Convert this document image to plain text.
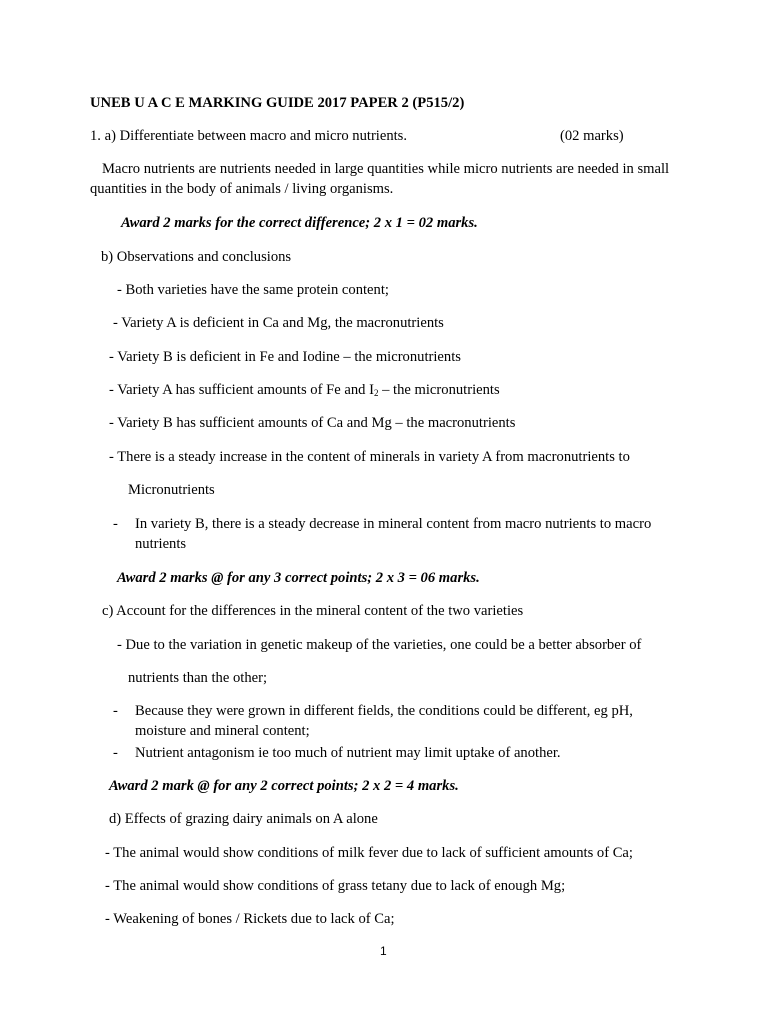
UNEB U A C E MARKING GUIDE 2017 PAPER 2 (P515/2)
1. a) Differentiate between macro and micro nutrients.	(02 marks)
Macro nutrients are nutrients needed in large quantities while micro nutrients are needed in small quantities in the body of animals / living organisms.
Award 2 marks for the correct difference; 2 x 1 = 02 marks.
b) Observations and conclusions
- Both varieties have the same protein content;
- Variety A is deficient in Ca and Mg, the macronutrients
- Variety B is deficient in Fe and Iodine – the micronutrients
- Variety A has sufficient amounts of Fe and $I_2$ – the micronutrients
- Variety B has sufficient amounts of Ca and Mg – the macronutrients
- There is a steady increase in the content of minerals in variety A from macronutrients to
Micronutrients
- In variety B, there is a steady decrease in mineral content from macro nutrients to macro nutrients
Award 2 marks @ for any 3 correct points; 2 x 3 = 06 marks.
c) Account for the differences in the mineral content of the two varieties
- Due to the variation in genetic makeup of the varieties, one could be a better absorber of
nutrients than the other;
- Because they were grown in different fields, the conditions could be different, eg pH, moisture and mineral content;
- Nutrient antagonism ie too much of nutrient may limit uptake of another.
Award 2 mark @ for any 2 correct points; 2 x 2 = 4 marks.
d) Effects of grazing dairy animals on A alone
- The animal would show conditions of milk fever due to lack of sufficient amounts of Ca;
- The animal would show conditions of grass tetany due to lack of enough Mg;
- Weakening of bones / Rickets due to lack of Ca;
1
